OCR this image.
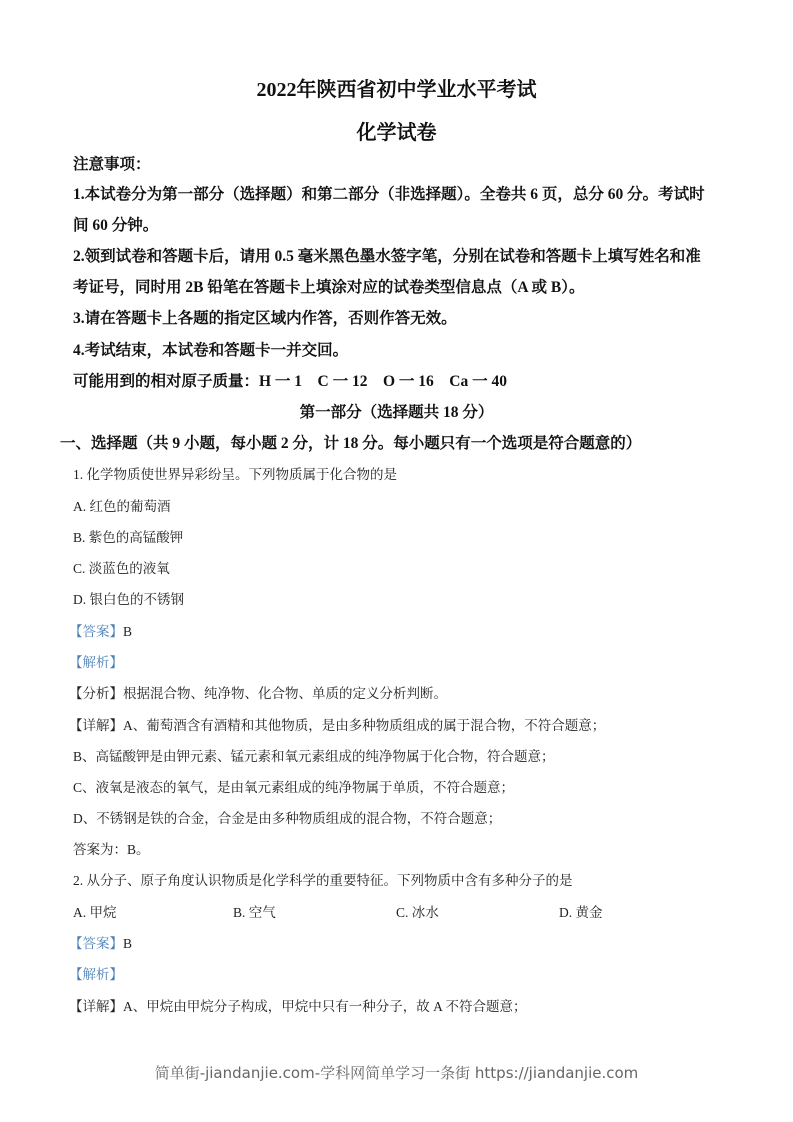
2022年陕西省初中学业水平考试
化学试卷
注意事项：
1.本试卷分为第一部分（选择题）和第二部分（非选择题）。全卷共 6 页，总分 60 分。考试时
间 60 分钟。
2.领到试卷和答题卡后，请用 0.5 毫米黑色墨水签字笔，分别在试卷和答题卡上填写姓名和准
考证号，同时用 2B 铅笔在答题卡上填涂对应的试卷类型信息点（A 或 B）。
3.请在答题卡上各题的指定区域内作答，否则作答无效。
4.考试结束，本试卷和答题卡一并交回。
可能用到的相对原子质量：H 一 1　C 一 12　O 一 16　Ca 一 40
第一部分（选择题共 18 分）
一、选择题（共 9 小题，每小题 2 分，计 18 分。每小题只有一个选项是符合题意的）
1. 化学物质使世界异彩纷呈。下列物质属于化合物的是
A. 红色的葡萄酒
B. 紫色的高锰酸钾
C. 淡蓝色的液氧
D. 银白色的不锈钢
【答案】B
【解析】
【分析】根据混合物、纯净物、化合物、单质的定义分析判断。
【详解】A、葡萄酒含有酒精和其他物质，是由多种物质组成的属于混合物，不符合题意；
B、高锰酸钾是由钾元素、锰元素和氧元素组成的纯净物属于化合物，符合题意；
C、液氧是液态的氧气，是由氧元素组成的纯净物属于单质，不符合题意；
D、不锈钢是铁的合金，合金是由多种物质组成的混合物，不符合题意；
答案为：B。
2. 从分子、原子角度认识物质是化学科学的重要特征。下列物质中含有多种分子的是
A. 甲烷	B. 空气	C. 冰水	D. 黄金
【答案】B
【解析】
【详解】A、甲烷由甲烷分子构成，甲烷中只有一种分子，故 A 不符合题意；
简单街-jiandanjie.com-学科网简单学习一条街 https://jiandanjie.com
